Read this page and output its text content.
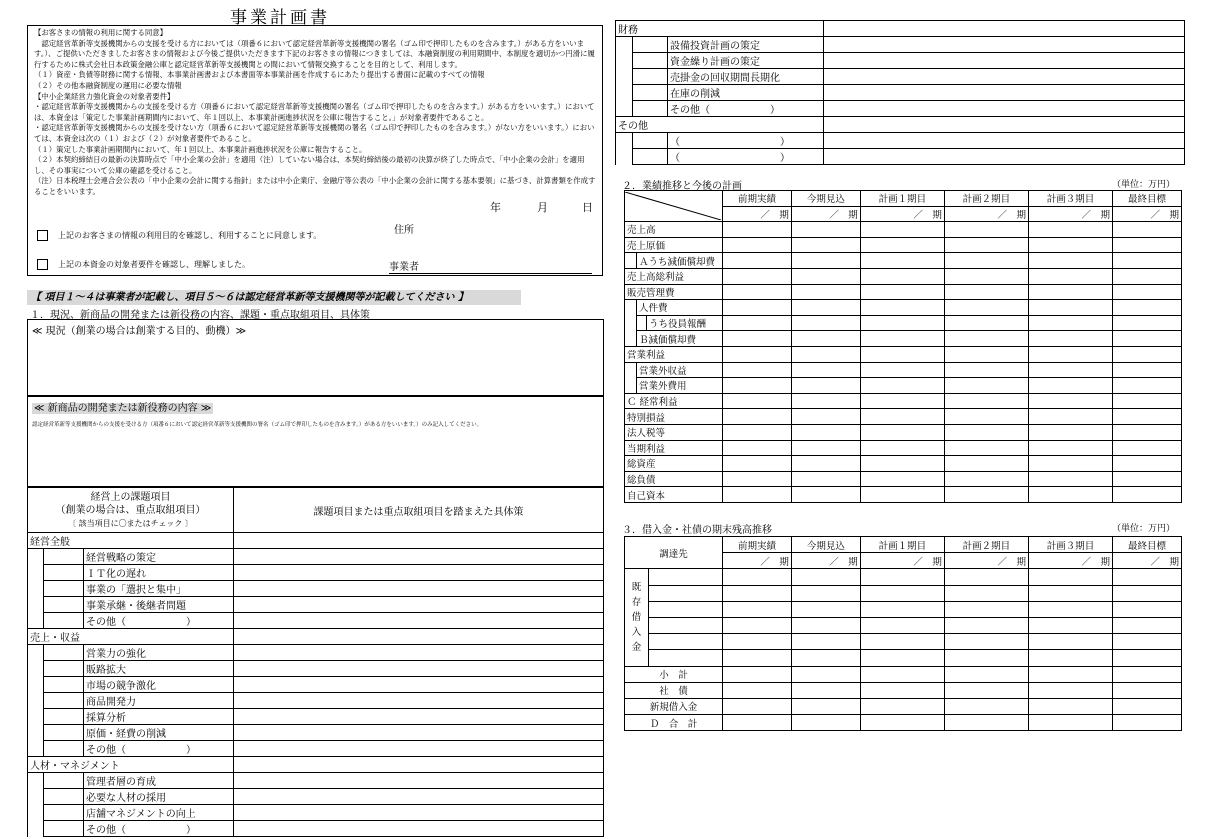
事業計画書

【お客さまの情報の利用に関する同意】

　認定経営革新等支援機関からの支援を受ける方においては（項番６において認定経営革新等支援機関の署名（ゴム印で押印したものを含みます。）がある方をいいます。）、ご提供いただきましたお客さまの情報および今後ご提供いただきます下記のお客さまの情報につきましては、本融資制度の利用期間中、本制度を適切かつ円滑に履行するために株式会社日本政策金融公庫と認定経営革新等支援機関との間において情報交換することを目的として、利用します。

（１）資産・負債等財務に関する情報、本事業計画書および本書面等本事業計画を作成するにあたり提出する書面に記載のすべての情報

（２）その他本融資制度の運用に必要な情報

【中小企業経営力強化資金の対象者要件】

・認定経営革新等支援機関からの支援を受ける方（項番６において認定経営革新等支援機関の署名（ゴム印で押印したものを含みます。）がある方をいいます。）においては、本資金は「策定した事業計画期間内において、年１回以上、本事業計画進捗状況を公庫に報告すること。」が対象者要件であること。

・認定経営革新等支援機関からの支援を受けない方（項番６において認定経営革新等支援機関の署名（ゴム印で押印したものを含みます。）がない方をいいます。）においては、本資金は次の（１）および（２）が対象者要件であること。

（１）策定した事業計画期間内において、年１回以上、本事業計画進捗状況を公庫に報告すること。

（２）本契約締結日の最新の決算時点で「中小企業の会計」を適用（注）していない場合は、本契約締結後の最初の決算が終了した時点で、「中小企業の会計」を適用し、その事実について公庫の確認を受けること。

（注）日本税理士会連合会公表の「中小企業の会計に関する指針」または中小企業庁、金融庁等公表の「中小企業の会計に関する基本要領」に基づき、計算書類を作成することをいいます。

年	月	日
住所
上記のお客さまの情報の利用目的を確認し、利用することに同意します。
上記の本資金の対象者要件を確認し、理解しました。	事業者
【 項目１～４は事業者が記載し、項目５～６は認定経営革新等支援機関等が記載してください 】
１．現況、新商品の開発または新役務の内容、課題・重点取組項目、具体策
≪ 現況（創業の場合は創業する目的、動機）≫
≪ 新商品の開発または新役務の内容 ≫
認定経営革新等支援機関からの支援を受ける方（項番６において認定経営革新等支援機関の署名（ゴム印で押印したものを含みます。）がある方をいいます。）のみ記入してください。
経営上の課題項目
（創業の場合は、重点取組項目）
〔 該当項目に〇またはチェック 〕			課題項目または重点取組項目を踏まえた具体策
経営全般			
		経営戦略の策定	
		ＩＴ化の遅れ	
		事業の「選択と集中」	
		事業承継・後継者問題	
		その他（　　　　　　）	
売上・収益			
		営業力の強化	
		販路拡大	
		市場の競争激化	
		商品開発力	
		採算分析	
		原価・経費の削減	
		その他（　　　　　　）	
人材・マネジメント			
		管理者層の育成	
		必要な人材の採用	
		店舗マネジメントの向上	
		その他（　　　　　　）	
財務			
		設備投資計画の策定	
		資金繰り計画の策定	
		売掛金の回収期間長期化	
		在庫の削減	
		その他（　　　　　　）	
その他			
		（　　　　　　　　　　）	
		（　　　　　　　　　　）	
２．業績推移と今後の計画	（単位：万円）
	前期実績	今期見込	計画１期目	計画２期目	計画３期目	最終目標
			／　期	／　期	／　期	／　期	／　期	／　期
売上高								
売上原価								
	Ａうち減価償却費							
売上高総利益								
販売管理費								
	人件費							
		うち役員報酬						
	Ｂ減価償却費							
営業利益								
	営業外収益							
	営業外費用							
Ｃ 経常利益								
特別損益								
法人税等								
当期利益								
総資産								
総負債								
自己資本								
３．借入金・社債の期末残高推移	（単位：万円）
調達先		前期実績	今期見込	計画１期目	計画２期目	計画３期目	最終目標
		／　期	／　期	／　期	／　期	／　期	／　期

既
存
借
入
金							

小　計							
社　債							
新規借入金							
Ｄ　合　計							
